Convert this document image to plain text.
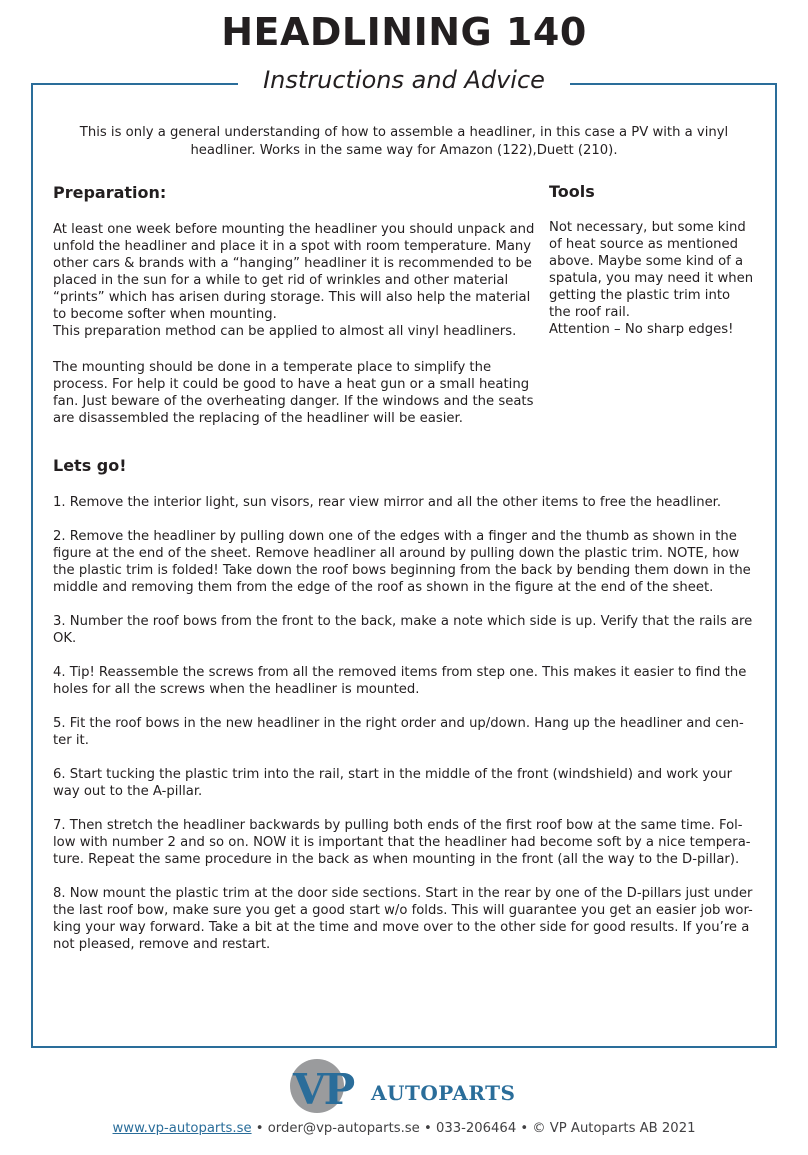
HEADLINING 140
Instructions and Advice
This is only a general understanding of how to assemble a headliner, in this case a PV with a vinyl headliner. Works in the same way for Amazon (122),Duett (210).
Preparation:
At least one week before mounting the headliner you should unpack and unfold the headliner and place it in a spot with room temperature. Many other cars & brands with a “hanging” headliner it is recommended to be placed in the sun for a while to get rid of wrinkles and other material “prints” which has arisen during storage. This will also help the material to become softer when mounting.
This preparation method can be applied to almost all vinyl headliners.
The mounting should be done in a temperate place to simplify the process. For help it could be good to have a heat gun or a small heating fan. Just beware of the overheating danger. If the windows and the seats are disassembled the replacing of the headliner will be easier.
Tools
Not necessary, but some kind of heat source as mentioned above. Maybe some kind of a spatula, you may need it when getting the plastic trim into the roof rail.
Attention – No sharp edges!
Lets go!

1. Remove the interior light, sun visors, rear view mirror and all the other items to free the headliner.

2. Remove the headliner by pulling down one of the edges with a finger and the thumb as shown in the figure at the end of the sheet. Remove headliner all around by pulling down the plastic trim. NOTE, how the plastic trim is folded! Take down the roof bows beginning from the back by bending them down in the middle and removing them from the edge of the roof as shown in the figure at the end of the sheet.

3. Number the roof bows from the front to the back, make a note which side is up. Verify that the rails are OK.

4. Tip! Reassemble the screws from all the removed items from step one. This makes it easier to find the holes for all the screws when the headliner is mounted.

5. Fit the roof bows in the new headliner in the right order and up/down. Hang up the headliner and cen-ter it.

6. Start tucking the plastic trim into the rail, start in the middle of the front (windshield) and work your way out to the A-pillar.

7. Then stretch the headliner backwards by pulling both ends of the first roof bow at the same time. Fol-low with number 2 and so on. NOW it is important that the headliner had become soft by a nice tempera-ture. Repeat the same procedure in the back as when mounting in the front (all the way to the D-pillar).

8. Now mount the plastic trim at the door side sections. Start in the rear by one of the D-pillars just under the last roof bow, make sure you get a good start w/o folds. This will guarantee you get an easier job wor-king your way forward. Take a bit at the time and move over to the other side for good results. If you’re a not pleased, remove and restart.

VP AUTOPARTS
www.vp-autoparts.se • order@vp-autoparts.se • 033-206464 • © VP Autoparts AB 2021
